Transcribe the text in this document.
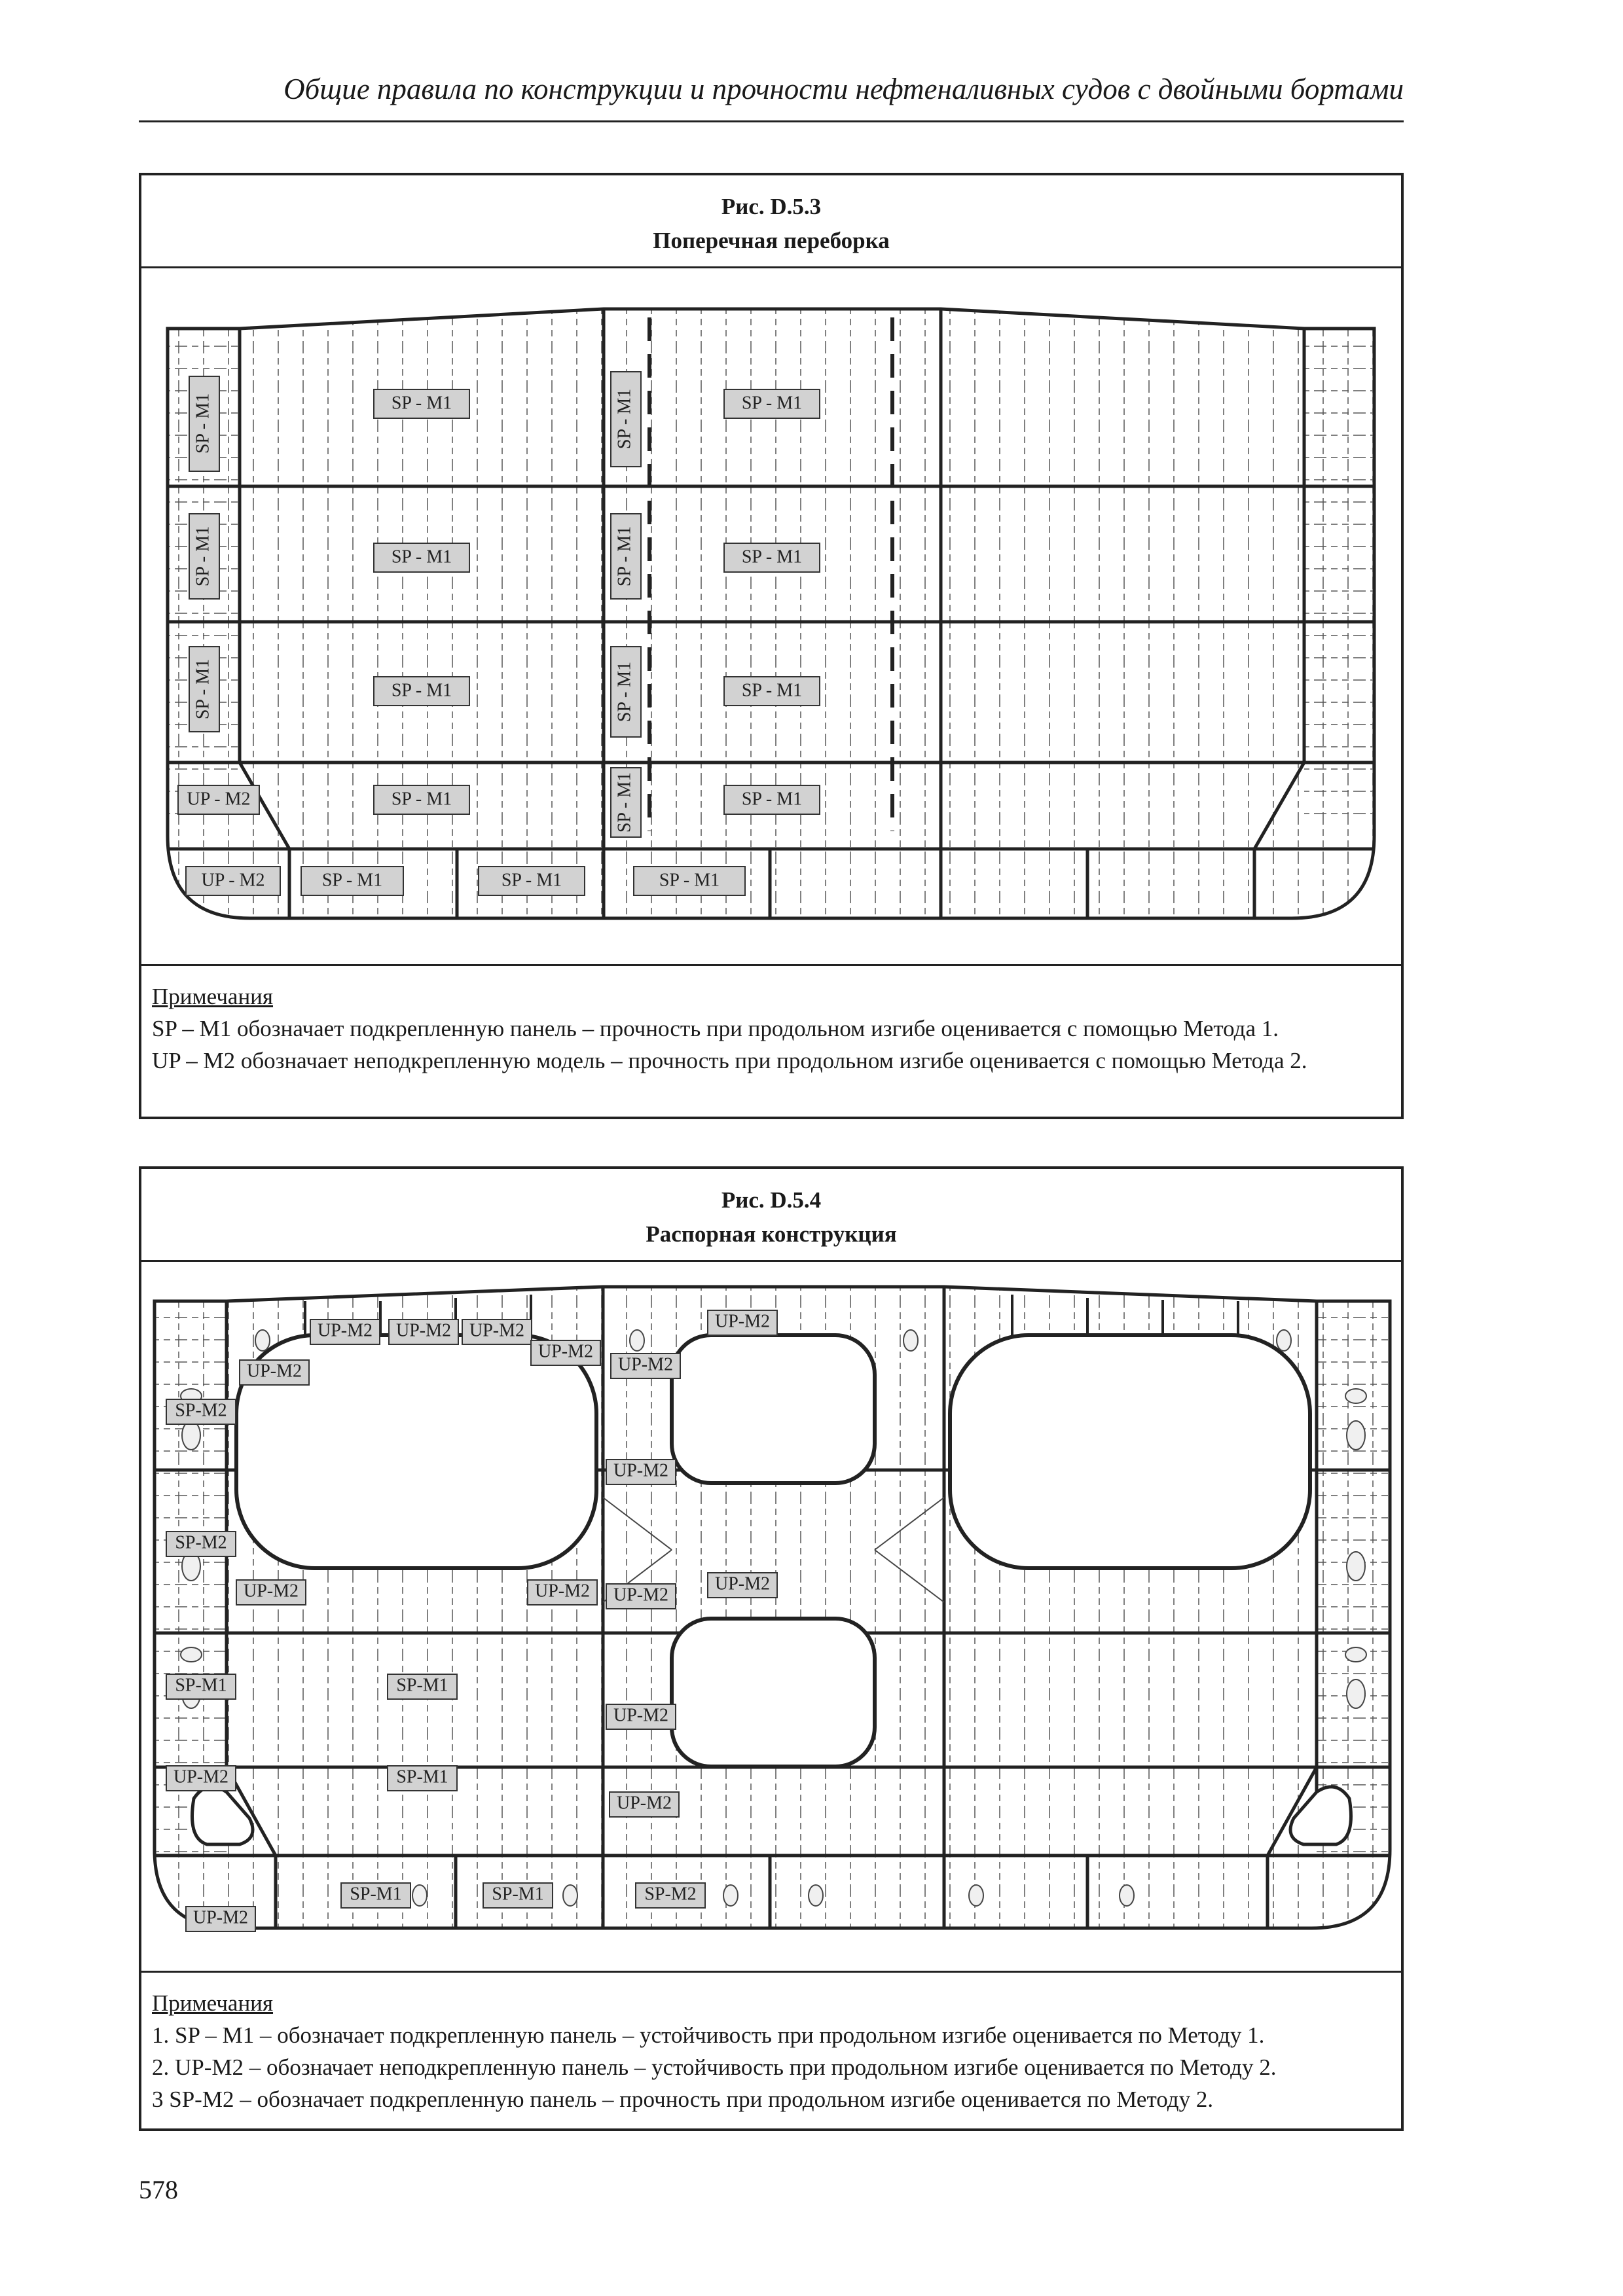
Общие правила по конструкции и прочности нефтеналивных судов с двойными бортами
Рис. D.5.3
Поперечная переборка
SP - M1
SP - M1
SP - M1
SP - M1
SP - M1
SP - M1
SP - M1
SP - M1
SP - M1
SP - M1
SP - M1
SP - M1
SP - M1
SP - M1
SP - M1
UP - M2
UP - M2	SP - M1	SP - M1	SP - M1
Примечания
SP – M1 обозначает подкрепленную панель – прочность при продольном изгибе оценивается с помощью Метода 1.
UP – M2 обозначает неподкрепленную модель – прочность при продольном изгибе оценивается с помощью Метода 2.
Рис. D.5.4
Распорная конструкция
UP-M2 UP-M2 UP-M2
UP-M2
UP-M2
UP-M2
UP-M2
SP-M2
UP-M2
SP-M2
UP-M2	UP-M2	UP-M2
UP-M2
SP-M1	SP-M1
UP-M2
UP-M2	SP-M1
UP-M2
SP-M1	SP-M1	SP-M2
UP-M2
Примечания
1. SP – M1 – обозначает подкрепленную панель – устойчивость при продольном изгибе оценивается по Методу 1.
2. UP-M2 – обозначает неподкрепленную панель – устойчивость при продольном изгибе оценивается по Методу 2.
3 SP-M2 – обозначает подкрепленную панель – прочность при продольном изгибе оценивается по Методу 2.
578
